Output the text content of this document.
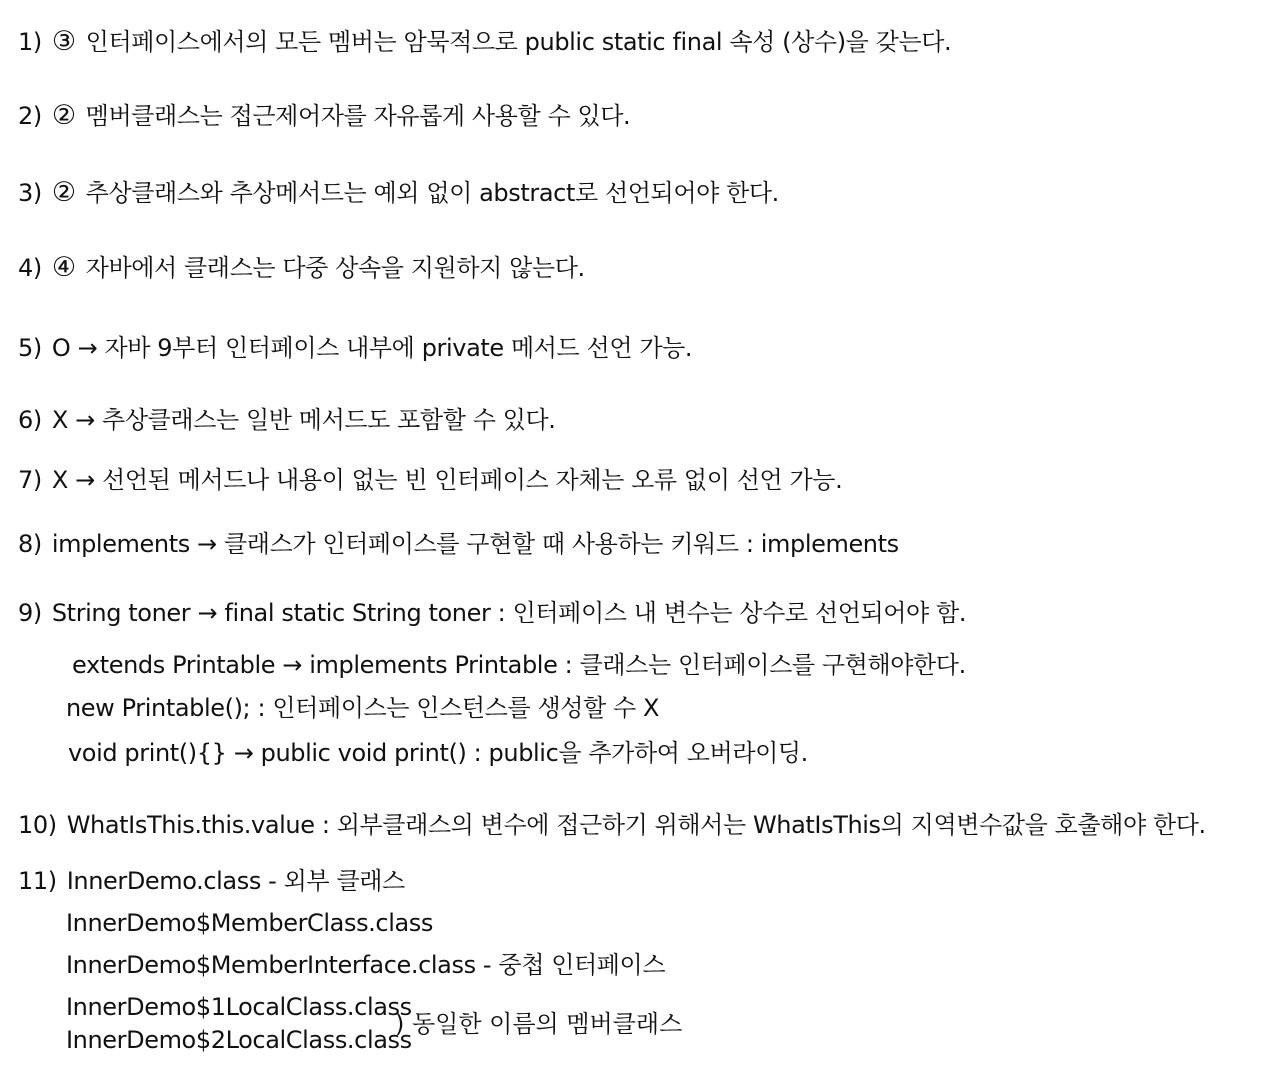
1) ③ 인터페이스에서의 모든 멤버는 암묵적으로 public static final 속성 (상수)을 갖는다.
2) ② 멤버클래스는 접근제어자를 자유롭게 사용할 수 있다.
3) ② 추상클래스와 추상메서드는 예외 없이 abstract로 선언되어야 한다.
4) ④ 자바에서 클래스는 다중 상속을 지원하지 않는다.
5) O → 자바 9부터 인터페이스 내부에 private 메서드 선언 가능.
6) X → 추상클래스는 일반 메서드도 포함할 수 있다.
7) X → 선언된 메서드나 내용이 없는 빈 인터페이스 자체는 오류 없이 선언 가능.
8) implements → 클래스가 인터페이스를 구현할 때 사용하는 키워드 : implements
9) String toner → final static String toner : 인터페이스 내 변수는 상수로 선언되어야 함.
extends Printable → implements Printable : 클래스는 인터페이스를 구현해야한다.
new Printable(); : 인터페이스는 인스턴스를 생성할 수 X
void print(){} → public void print() : public을 추가하여 오버라이딩.
10) WhatIsThis.this.value : 외부클래스의 변수에 접근하기 위해서는 WhatIsThis의 지역변수값을 호출해야 한다.
11) InnerDemo.class - 외부 클래스
InnerDemo$MemberClass.class
InnerDemo$MemberInterface.class - 중첩 인터페이스
InnerDemo$1LocalClass.class
InnerDemo$2LocalClass.class
) 동일한 이름의 멤버클래스
